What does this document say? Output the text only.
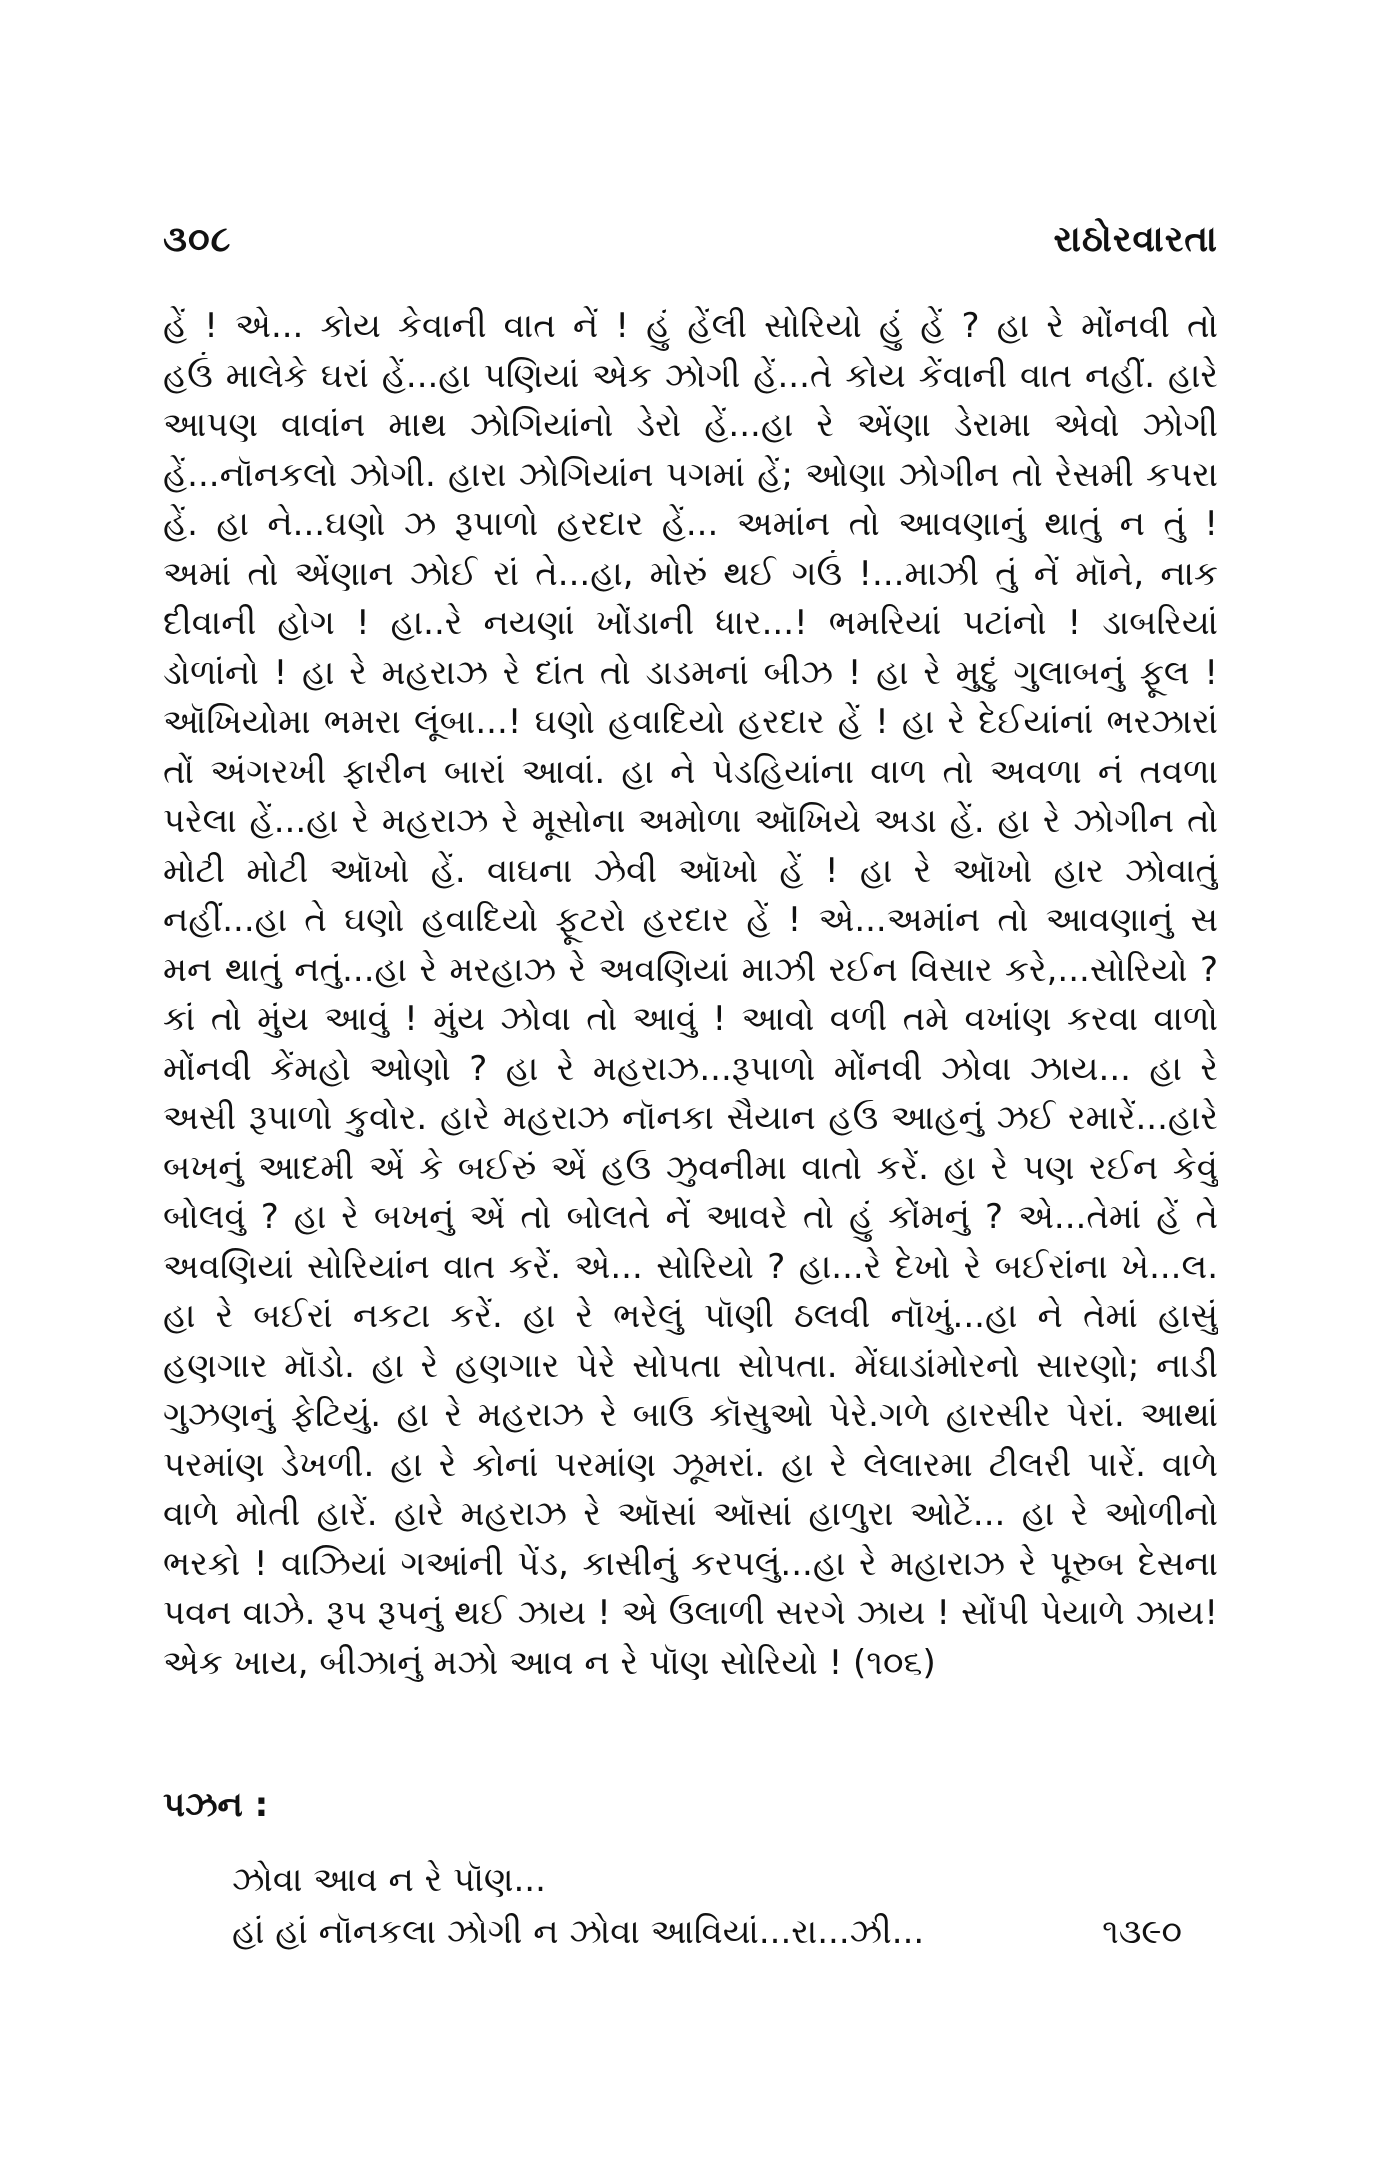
૩૦૮	રાઠોરવારતા
હેં ! એ... કોય કેવાની વાત નેં ! હું હેંલી સોરિયો હું હેં ? હા રે મોંનવી તો
હઉં માલેકે ઘરાં હેં...હા પણિયાં એક ઝોગી હેં...તે કોય કેંવાની વાત નહીં. હારે
આપણ વાવાંન માથ ઝોગિયાંનો ડેરો હેં...હા રે એંણા ડેરામા એવો ઝોગી
હેં...નૉનકલો ઝોગી. હારા ઝોગિયાંન પગમાં હેં; ઓણા ઝોગીન તો રેસમી કપરા
હેં. હા ને...ઘણો ઝ રૂપાળો હરદાર હેં... અમાંન તો આવણાનું થાતું ન તું !
અમાં તો એંણાન ઝોઈ રાં તે...હા, મોરું થઈ ગઉં !...માઝી તું નેં મૉને, નાક
દીવાની હોગ ! હા..રે નયણાં ખોંડાની ધાર...! ભમરિયાં પટાંનો ! ડાબરિયાં
ડોળાંનો ! હા રે મહરાઝ રે દાંત તો ડાડમનાં બીઝ ! હા રે મુદું ગુલાબનું ફૂલ !
ઑખિયોમા ભમરા લૂંબા...! ઘણો હવાદિયો હરદાર હેં ! હા રે દેઈયાંનાં ભરઝારાં
તોં અંગરખી ફારીન બારાં આવાં. હા ને પેડહિયાંના વાળ તો અવળા નં તવળા
પરેલા હેં...હા રે મહરાઝ રે મૂસોના અમોળા ઑખિયે અડા હેં. હા રે ઝોગીન તો
મોટી મોટી ઑખો હેં. વાઘના ઝેવી ઑખો હેં ! હા રે ઑખો હાર ઝોવાતું
નહીં...હા તે ઘણો હવાદિયો ફૂટરો હરદાર હેં ! એ...અમાંન તો આવણાનું સ
મન થાતું નતું...હા રે મરહાઝ રે અવણિયાં માઝી રઈન વિસાર કરે,...સોરિયો ?
કાં તો મુંય આવું ! મુંય ઝોવા તો આવું ! આવો વળી તમે વખાંણ કરવા વાળો
મોંનવી કેંમહો ઓણો ? હા રે મહરાઝ...રૂપાળો મોંનવી ઝોવા ઝાય... હા રે
અસી રૂપાળો કુવોર. હારે મહરાઝ નૉનકા સૈયાન હઉ આહનું ઝઈ રમારેં...હારે
બખનું આદમી એં કે બઈરું એં હઉ ઝુવનીમા વાતો કરેં. હા રે પણ રઈન કેવું
બોલવું ? હા રે બખનું એં તો બોલતે નેં આવરે તો હું કોંમનું ? એ...તેમાં હેં તે
અવણિયાં સોરિયાંન વાત કરેં. એ... સોરિયો ? હા...રે દેખો રે બઈરાંના ખે...લ.
હા રે બઈરાં નકટા કરેં. હા રે ભરેલું પૉણી ઠલવી નૉખું...હા ને તેમાં હાસું
હણગાર મૉડો. હા રે હણગાર પેરે સોપતા સોપતા. મેંઘાડાંમોરનો સારણો; નાડી
ગુઝણનું ફેટિયું. હા રે મહરાઝ રે બાઉ કૉસુઓ પેરે.ગળે હારસીર પેરાં. આથાં
પરમાંણ ડેખળી. હા રે કોનાં પરમાંણ ઝૂમરાં. હા રે લેલારમા ટીલરી પારેં. વાળે
વાળે મોતી હારેં. હારે મહરાઝ રે ઑસાં ઑસાં હાળુરા ઓટેં... હા રે ઓળીનો
ભરકો ! વાઝિયાં ગઆંની પેંડ, કાસીનું કરપલું...હા રે મહારાઝ રે પૂરુબ દેસના
પવન વાઝે. રૂપ રૂપનું થઈ ઝાય ! એ ઉલાળી સરગે ઝાય ! સોંપી પેયાળે ઝાય!
એક ખાય, બીઝાનું મઝો આવ ન રે પૉણ સોરિયો ! (૧૦૬)
પઝન :
ઝોવા આવ ન રે પૉણ...
હાં હાં નૉનકલા ઝોગી ન ઝોવા આવિયાં...રા...ઝી...	૧૩૯૦
